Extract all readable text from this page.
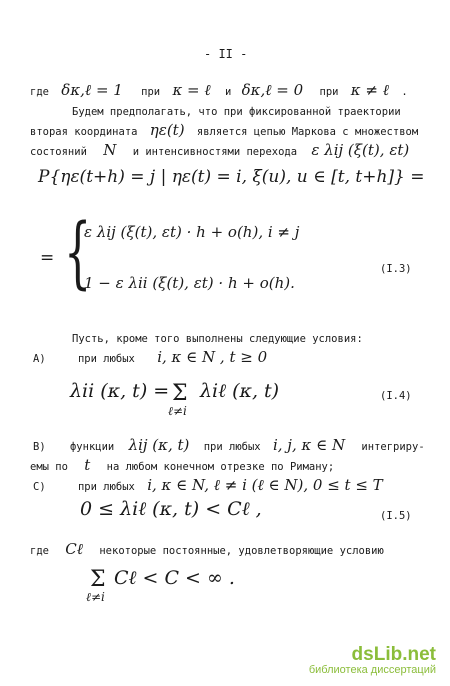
- II -
где δκ,ℓ = 1 при κ = ℓ и δκ,ℓ = 0 при κ ≠ ℓ .
Будем предполагать, что при фиксированной траектории
вторая координата ηε(t) является цепью Маркова с множеством
состояний N и интенсивностями перехода ε λij (ξ(t), εt)
P{ηε(t+h) = j | ηε(t) = i, ξ(u), u ∈ [t, t+h]} =
= {
ε λij (ξ(t), εt) · h + o(h), i ≠ j
1 − ε λii (ξ(t), εt) · h + o(h).
(I.3)
Пусть, кроме того выполнены следующие условия:
А)	при любых i, κ ∈ N , t ≥ 0
λii (κ, t) = Σ
ℓ≠i
λiℓ (κ, t)	(I.4)
В) функции λij (κ, t) при любых i, j, κ ∈ N интегриру-
емы по t на любом конечном отрезке по Риману;
С)	при любых i, κ ∈ N, ℓ ≠ i (ℓ ∈ N), 0 ≤ t ≤ T
0 ≤ λiℓ (κ, t) < Cℓ ,	(I.5)
где Cℓ некоторые постоянные, удовлетворяющие условию
Σ
ℓ≠i
Cℓ < C < ∞ .
dsLib.net
библиотека диссертаций
